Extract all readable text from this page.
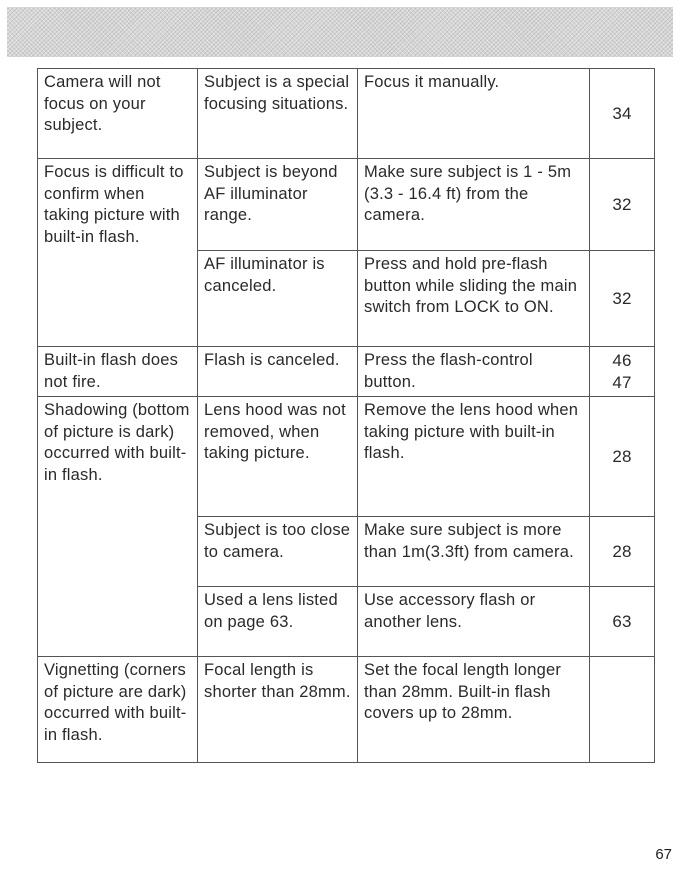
Camera will not focus on your subject.	Subject is a special focusing situations.	Focus it manually.	34

Focus is difficult to confirm when taking picture with built-in flash.	Subject is beyond AF illuminator range.	Make sure subject is 1 - 5m (3.3 - 16.4 ft) from the camera.	32

	AF illuminator is canceled.	Press and hold pre-flash button while sliding the main switch from LOCK to ON.	32

Built-in flash does not fire.	Flash is canceled.	Press the flash-control button.	46
47

Shadowing (bottom of picture is dark) occurred with built-in flash.	Lens hood was not removed, when taking picture.	Remove the lens hood when taking picture with built-in flash.	28

	Subject is too close to camera.	Make sure subject is more than 1m(3.3ft) from camera.	28

	Used a lens listed on page 63.	Use accessory flash or another lens.	63

Vignetting (corners of picture are dark) occurred with built-in flash.	Focal length is shorter than 28mm.	Set the focal length longer than 28mm. Built-in flash covers up to 28mm.	
67
